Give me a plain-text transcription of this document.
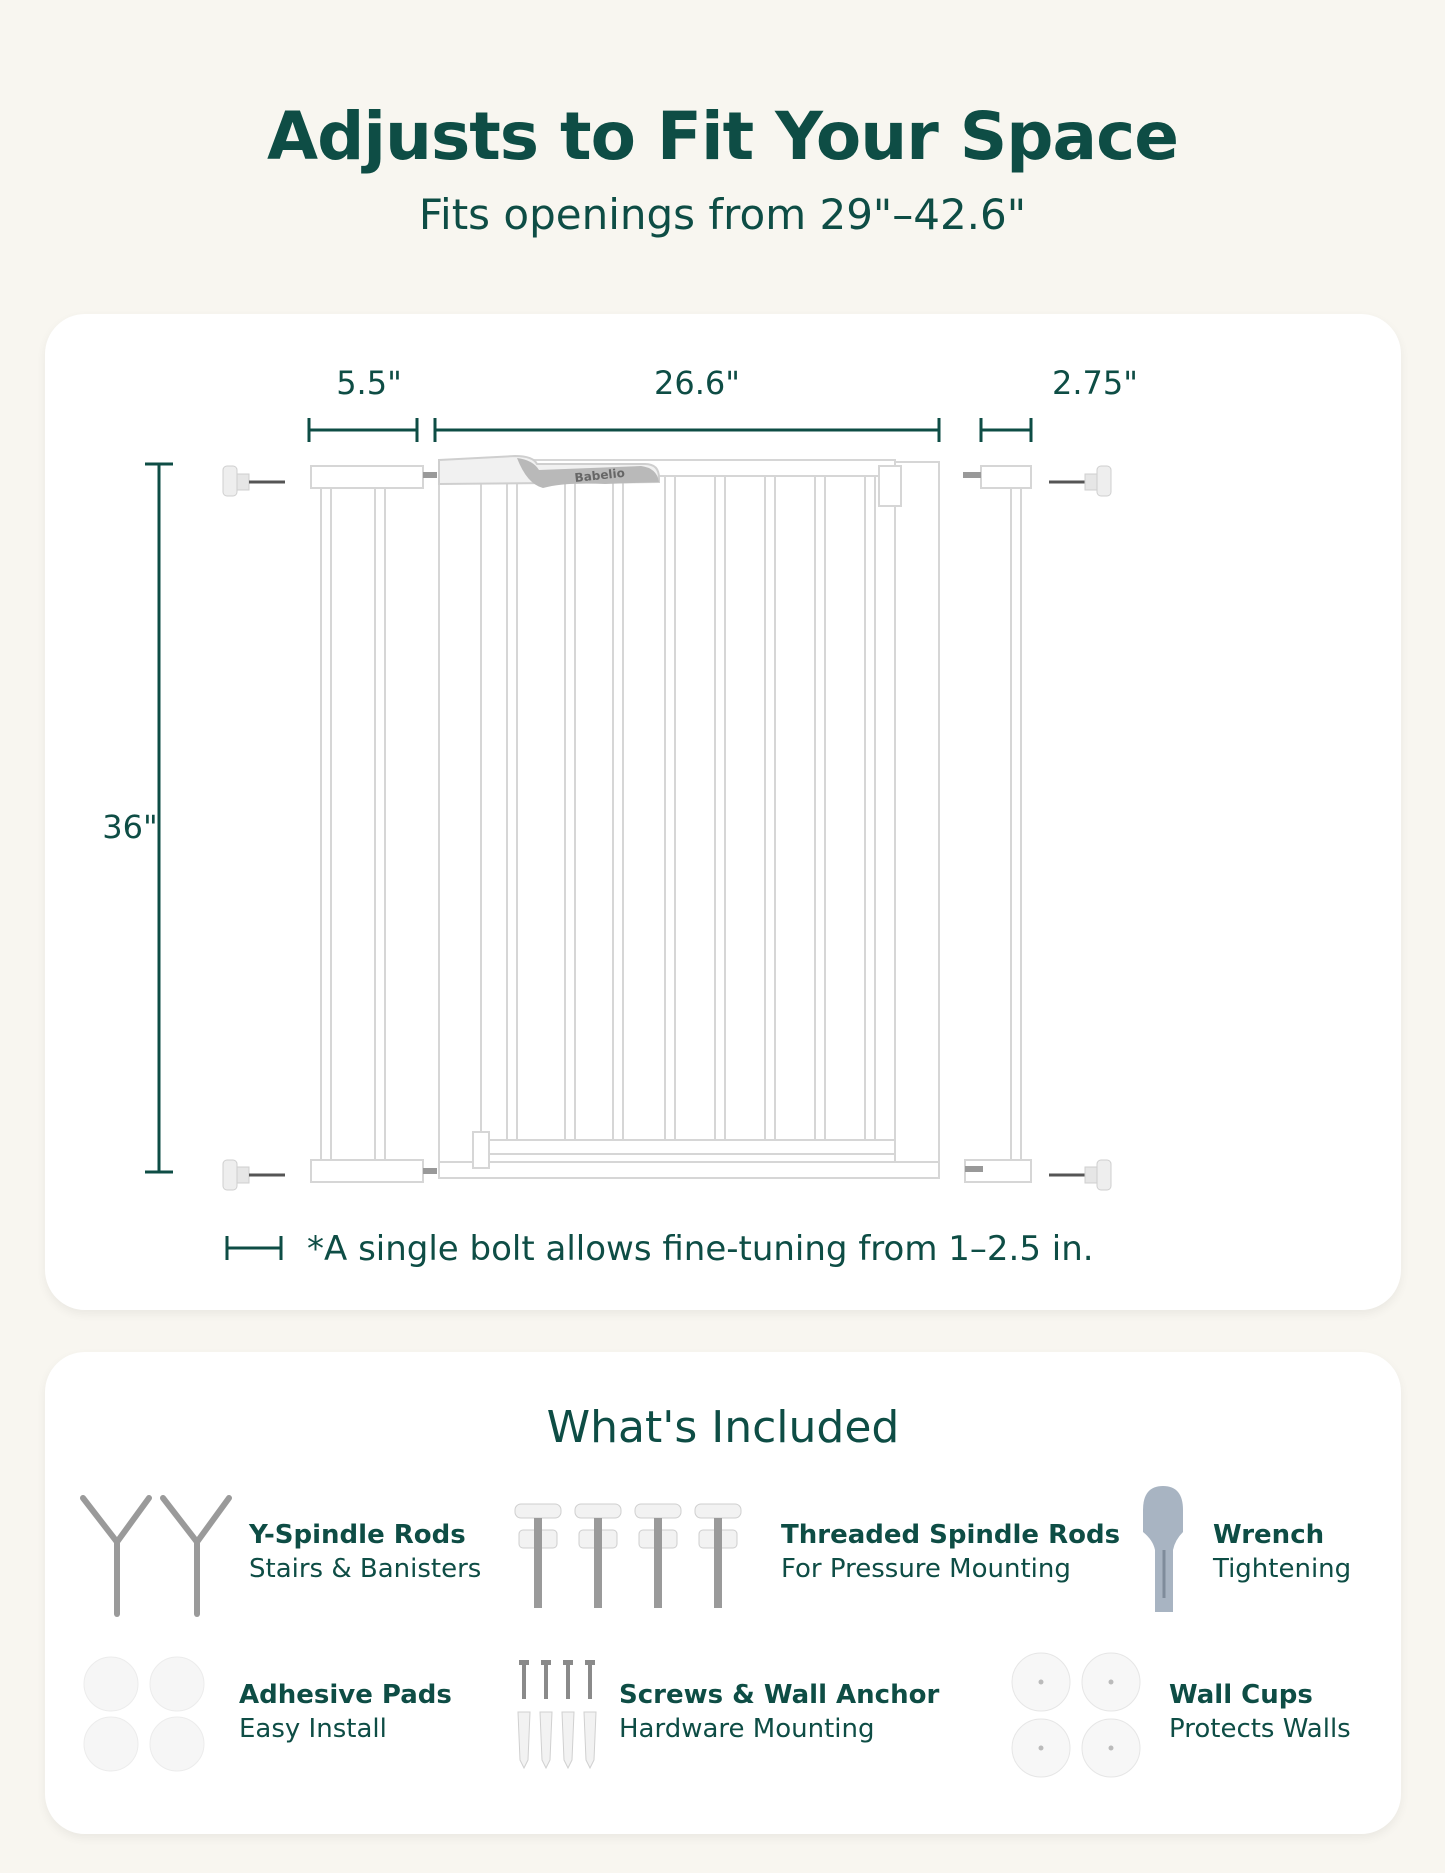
Adjusts to Fit Your Space
Fits openings from 29"–42.6"
Babelio
5.5"	26.6"	2.75"
36"
*A single bolt allows fine-tuning from 1–2.5 in.
What's Included
Y-Spindle Rods
Stairs & Banisters
Threaded Spindle Rods
For Pressure Mounting
Wrench
Tightening
Adhesive Pads
Easy Install
Screws & Wall Anchor
Hardware Mounting
Wall Cups
Protects Walls
